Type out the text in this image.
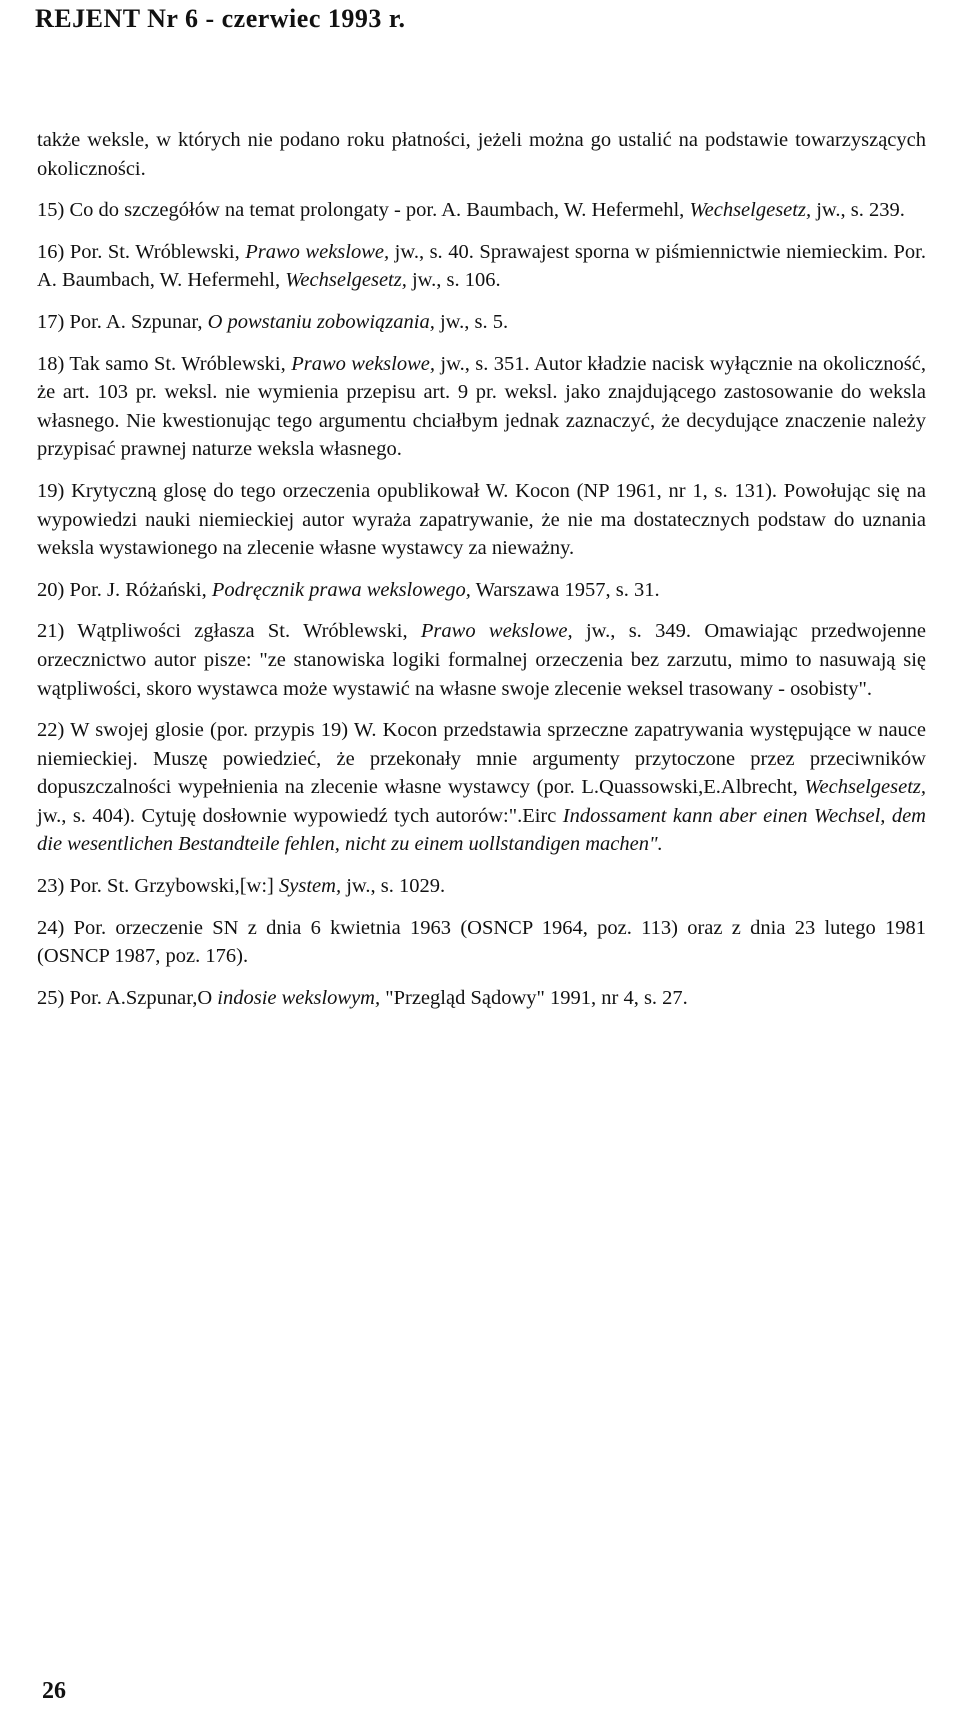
REJENT Nr 6 - czerwiec 1993 r.

także weksle, w których nie podano roku płatności, jeżeli można go ustalić na podstawie towarzyszących okoliczności.

15) Co do szczegółów na temat prolongaty - por. A. Baumbach, W. Hefermehl, Wechselgesetz, jw., s. 239.

16) Por. St. Wróblewski, Prawo wekslowe, jw., s. 40. Sprawajest sporna w piśmiennictwie niemieckim. Por. A. Baumbach, W. Hefermehl, Wechselgesetz, jw., s. 106.

17) Por. A. Szpunar, O powstaniu zobowiązania, jw., s. 5.

18) Tak samo St. Wróblewski, Prawo wekslowe, jw., s. 351. Autor kładzie nacisk wyłącznie na okoliczność, że art. 103 pr. weksl. nie wymienia przepisu art. 9 pr. weksl. jako znajdującego zastosowanie do weksla własnego. Nie kwestionując tego argumentu chciałbym jednak zaznaczyć, że decydujące znaczenie należy przypisać prawnej naturze weksla własnego.

19) Krytyczną glosę do tego orzeczenia opublikował W. Kocon (NP 1961, nr 1, s. 131). Powołując się na wypowiedzi nauki niemieckiej autor wyraża zapatrywanie, że nie ma dostatecznych podstaw do uznania weksla wystawionego na zlecenie własne wystawcy za nieważny.

20) Por. J. Różański, Podręcznik prawa wekslowego, Warszawa 1957, s. 31.

21) Wątpliwości zgłasza St. Wróblewski, Prawo wekslowe, jw., s. 349. Omawiając przedwojenne orzecznictwo autor pisze: "ze stanowiska logiki formalnej orzeczenia bez zarzutu, mimo to nasuwają się wątpliwości, skoro wystawca może wystawić na własne swoje zlecenie weksel trasowany - osobisty".

22) W swojej glosie (por. przypis 19) W. Kocon przedstawia sprzeczne zapatrywania występujące w nauce niemieckiej. Muszę powiedzieć, że przekonały mnie argumenty przytoczone przez przeciwników dopuszczalności wypełnienia na zlecenie własne wystawcy (por. L.Quassowski,E.Albrecht, Wechselgesetz, jw., s. 404). Cytuję dosłownie wypowiedź tych autorów:".Eirc Indossament kann aber einen Wechsel, dem die wesentlichen Bestandteile fehlen, nicht zu einem uollstandigen machen".

23) Por. St. Grzybowski,[w:] System, jw., s. 1029.

24) Por. orzeczenie SN z dnia 6 kwietnia 1963 (OSNCP 1964, poz. 113) oraz z dnia 23 lutego 1981 (OSNCP 1987, poz. 176).

25) Por. A.Szpunar,O indosie wekslowym, "Przegląd Sądowy" 1991, nr 4, s. 27.

26
